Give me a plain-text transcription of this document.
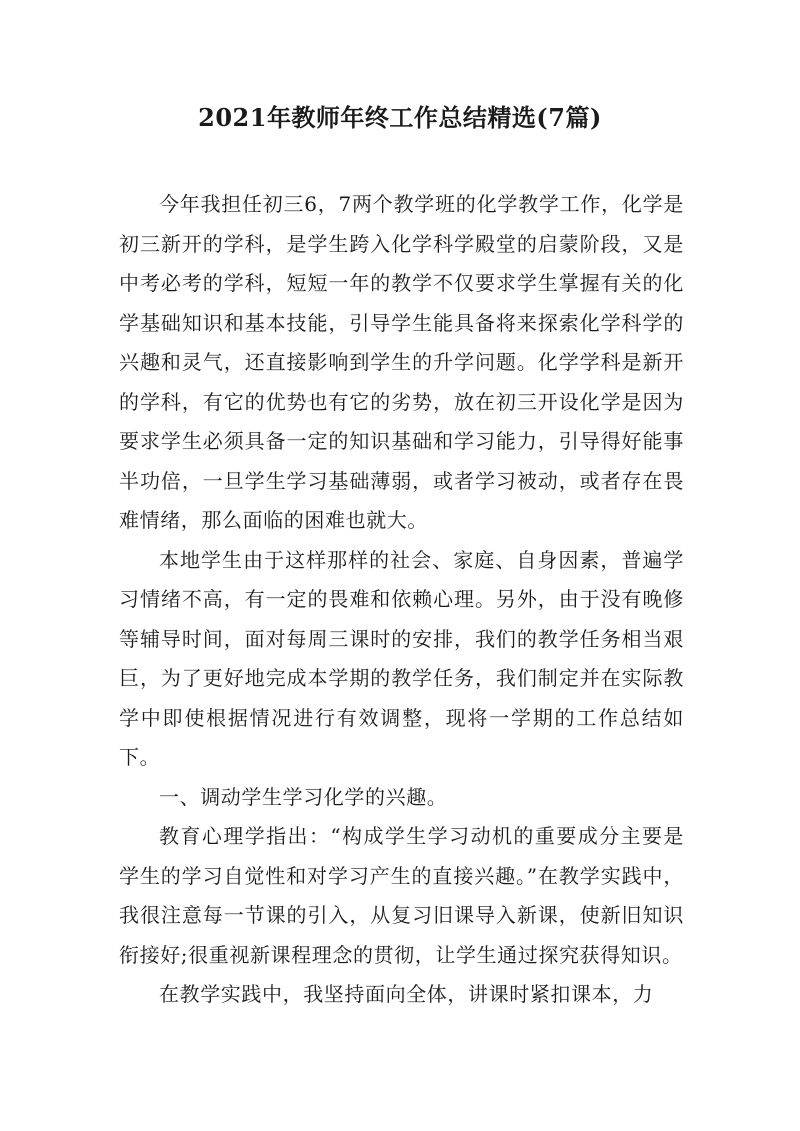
2021年教师年终工作总结精选(7篇)

今年我担任初三6，7两个教学班的化学教学工作，化学是初三新开的学科，是学生跨入化学科学殿堂的启蒙阶段，又是中考必考的学科，短短一年的教学不仅要求学生掌握有关的化学基础知识和基本技能，引导学生能具备将来探索化学科学的兴趣和灵气，还直接影响到学生的升学问题。化学学科是新开的学科，有它的优势也有它的劣势，放在初三开设化学是因为要求学生必须具备一定的知识基础和学习能力，引导得好能事半功倍，一旦学生学习基础薄弱，或者学习被动，或者存在畏难情绪，那么面临的困难也就大。

本地学生由于这样那样的社会、家庭、自身因素，普遍学习情绪不高，有一定的畏难和依赖心理。另外，由于没有晚修等辅导时间，面对每周三课时的安排，我们的教学任务相当艰巨，为了更好地完成本学期的教学任务，我们制定并在实际教学中即使根据情况进行有效调整，现将一学期的工作总结如下。

一、调动学生学习化学的兴趣。

教育心理学指出：“构成学生学习动机的重要成分主要是学生的学习自觉性和对学习产生的直接兴趣。”在教学实践中，我很注意每一节课的引入，从复习旧课导入新课，使新旧知识衔接好;很重视新课程理念的贯彻，让学生通过探究获得知识。

在教学实践中，我坚持面向全体，讲课时紧扣课本，力
